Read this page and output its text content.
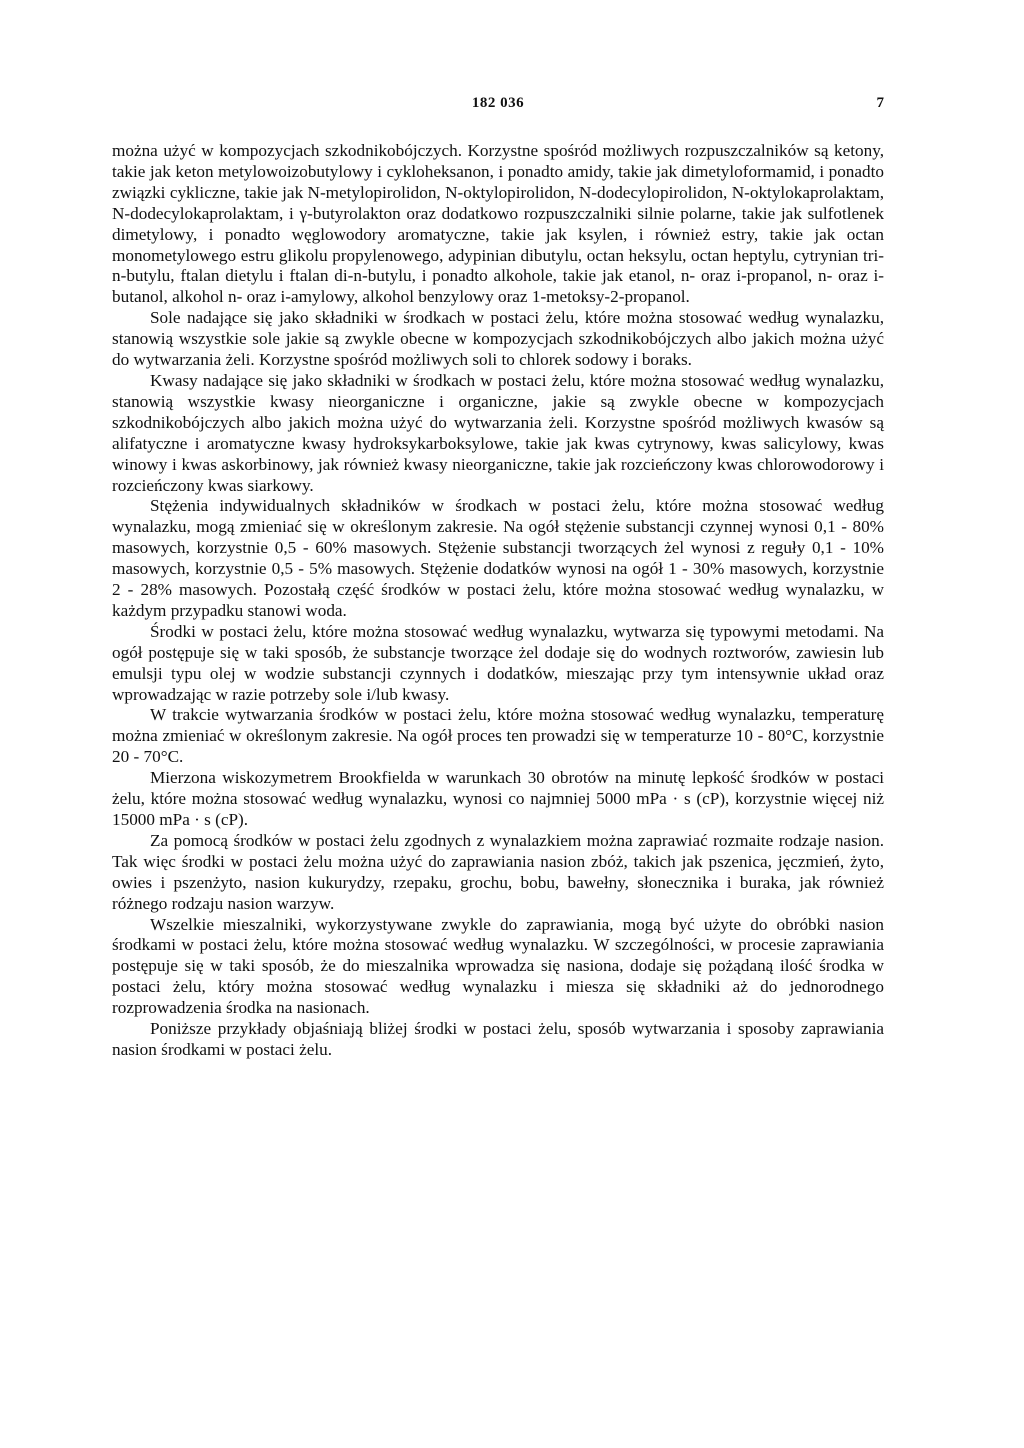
182 036	7

można użyć w kompozycjach szkodnikobójczych. Korzystne spośród możliwych rozpuszczalników są ketony, takie jak keton metylowoizobutylowy i cykloheksanon, i ponadto amidy, takie jak dimetyloformamid, i ponadto związki cykliczne, takie jak N-metylopirolidon, N-oktylopirolidon, N-dodecylopirolidon, N-oktylokaprolaktam, N-dodecylokaprolaktam, i γ-butyrolakton oraz dodatkowo rozpuszczalniki silnie polarne, takie jak sulfotlenek dimetylowy, i ponadto węglowodory aromatyczne, takie jak ksylen, i również estry, takie jak octan monometylowego estru glikolu propylenowego, adypinian dibutylu, octan heksylu, octan heptylu, cytrynian tri-n-butylu, ftalan dietylu i ftalan di-n-butylu, i ponadto alkohole, takie jak etanol, n- oraz i-propanol, n- oraz i-butanol, alkohol n- oraz i-amylowy, alkohol benzylowy oraz 1-metoksy-2-propanol.

Sole nadające się jako składniki w środkach w postaci żelu, które można stosować według wynalazku, stanowią wszystkie sole jakie są zwykle obecne w kompozycjach szkodnikobójczych albo jakich można użyć do wytwarzania żeli. Korzystne spośród możliwych soli to chlorek sodowy i boraks.

Kwasy nadające się jako składniki w środkach w postaci żelu, które można stosować według wynalazku, stanowią wszystkie kwasy nieorganiczne i organiczne, jakie są zwykle obecne w kompozycjach szkodnikobójczych albo jakich można użyć do wytwarzania żeli. Korzystne spośród możliwych kwasów są alifatyczne i aromatyczne kwasy hydroksykarboksylowe, takie jak kwas cytrynowy, kwas salicylowy, kwas winowy i kwas askorbinowy, jak również kwasy nieorganiczne, takie jak rozcieńczony kwas chlorowodorowy i rozcieńczony kwas siarkowy.

Stężenia indywidualnych składników w środkach w postaci żelu, które można stosować według wynalazku, mogą zmieniać się w określonym zakresie. Na ogół stężenie substancji czynnej wynosi 0,1 - 80% masowych, korzystnie 0,5 - 60% masowych. Stężenie substancji tworzących żel wynosi z reguły 0,1 - 10% masowych, korzystnie 0,5 - 5% masowych. Stężenie dodatków wynosi na ogół 1 - 30% masowych, korzystnie 2 - 28% masowych. Pozostałą część środków w postaci żelu, które można stosować według wynalazku, w każdym przypadku stanowi woda.

Środki w postaci żelu, które można stosować według wynalazku, wytwarza się typowymi metodami. Na ogół postępuje się w taki sposób, że substancje tworzące żel dodaje się do wodnych roztworów, zawiesin lub emulsji typu olej w wodzie substancji czynnych i dodatków, mieszając przy tym intensywnie układ oraz wprowadzając w razie potrzeby sole i/lub kwasy.

W trakcie wytwarzania środków w postaci żelu, które można stosować według wynalazku, temperaturę można zmieniać w określonym zakresie. Na ogół proces ten prowadzi się w temperaturze 10 - 80°C, korzystnie 20 - 70°C.

Mierzona wiskozymetrem Brookfielda w warunkach 30 obrotów na minutę lepkość środków w postaci żelu, które można stosować według wynalazku, wynosi co najmniej 5000 mPa · s (cP), korzystnie więcej niż 15000 mPa · s (cP).

Za pomocą środków w postaci żelu zgodnych z wynalazkiem można zaprawiać rozmaite rodzaje nasion. Tak więc środki w postaci żelu można użyć do zaprawiania nasion zbóż, takich jak pszenica, jęczmień, żyto, owies i pszenżyto, nasion kukurydzy, rzepaku, grochu, bobu, bawełny, słonecznika i buraka, jak również różnego rodzaju nasion warzyw.

Wszelkie mieszalniki, wykorzystywane zwykle do zaprawiania, mogą być użyte do obróbki nasion środkami w postaci żelu, które można stosować według wynalazku. W szczególności, w procesie zaprawiania postępuje się w taki sposób, że do mieszalnika wprowadza się nasiona, dodaje się pożądaną ilość środka w postaci żelu, który można stosować według wynalazku i miesza się składniki aż do jednorodnego rozprowadzenia środka na nasionach.

Poniższe przykłady objaśniają bliżej środki w postaci żelu, sposób wytwarzania i sposoby zaprawiania nasion środkami w postaci żelu.
